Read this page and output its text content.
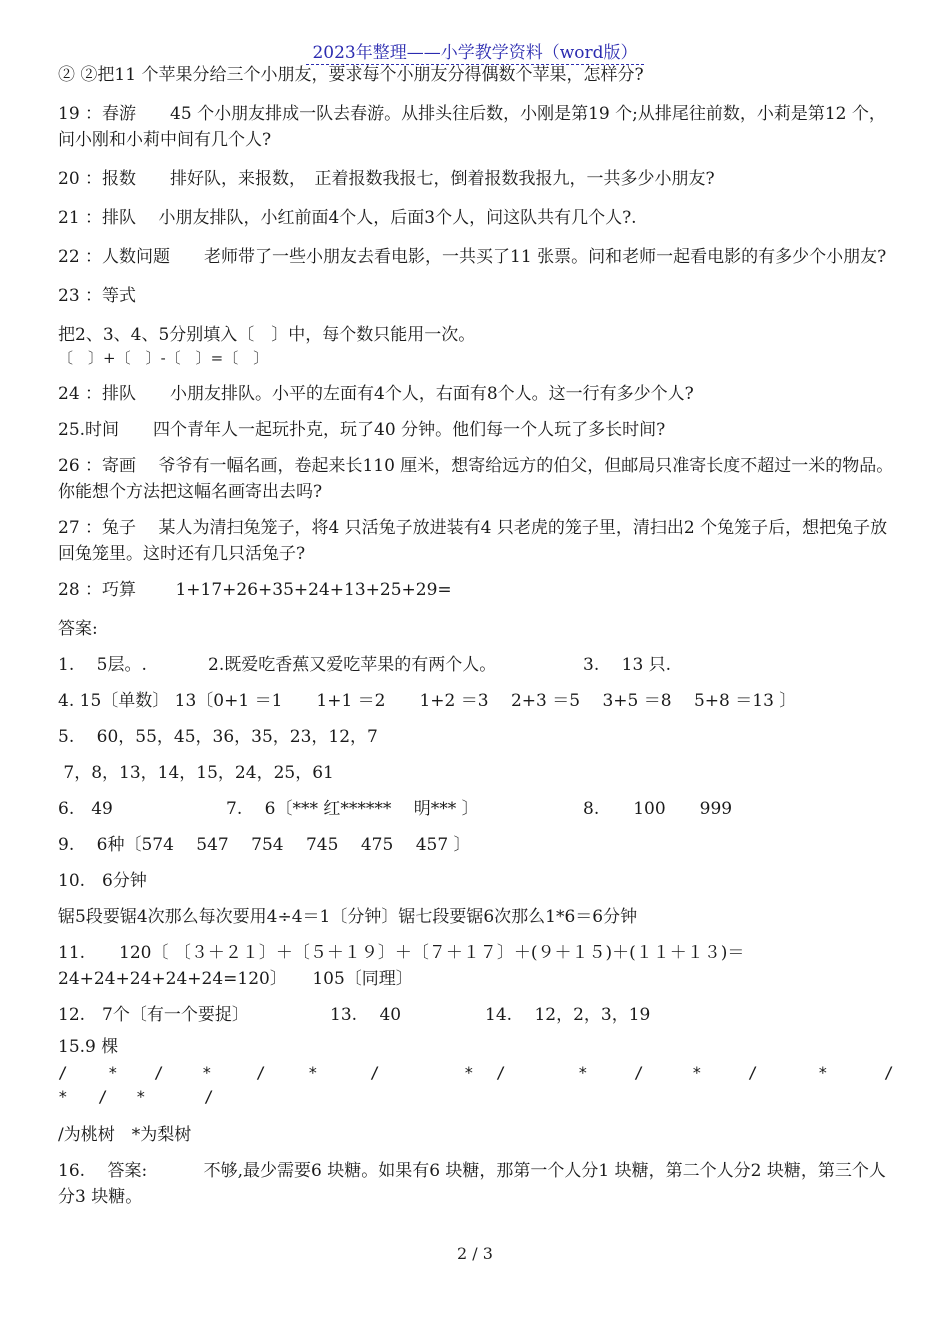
2023年整理——小学教学资料（word版）

② ②把11 个苹果分给三个小朋友，要求每个小朋友分得偶数个苹果，怎样分?

19 ：春游　　45 个小朋友排成一队去春游。从排头往后数，小刚是第19 个;从排尾往前数，小莉是第12 个，问小刚和小莉中间有几个人?

20 ：报数　　排好队，来报数，　正着报数我报七，倒着报数我报九，一共多少小朋友?

21 ：排队　 小朋友排队，小红前面4个人，后面3个人，问这队共有几个人?.

22 ：人数问题　　老师带了一些小朋友去看电影，一共买了11 张票。问和老师一起看电影的有多少个小朋友?

23 ：等式

把2、3、4、5分别填入〔　〕中，每个数只能用一次。

〔　〕+〔　〕-〔　〕=〔　〕

24 ：排队　　小朋友排队。小平的左面有4个人，右面有8个人。这一行有多少个人?

25.时间　　四个青年人一起玩扑克，玩了40 分钟。他们每一个人玩了多长时间?

26 ：寄画　 爷爷有一幅名画，卷起来长110 厘米，想寄给远方的伯父，但邮局只准寄长度不超过一米的物品。你能想个方法把这幅名画寄出去吗?

27 ：兔子　 某人为清扫兔笼子，将4 只活兔子放进装有4 只老虎的笼子里，清扫出2 个兔笼子后，想把兔子放回兔笼里。这时还有几只活兔子?

28 ：巧算　　 1+17+26+35+24+13+25+29=

答案:

1.　 5层。.	2.既爱吃香蕉又爱吃苹果的有两个人。	3.　 13 只.

4. 15〔单数〕 13〔0+1 ＝1　　1+1 ＝2　　1+2 ＝3　 2+3 ＝5　 3+5 ＝8　 5+8 ＝13 〕

5.　 60，55，45，36，35，23，12，7

7，8，13，14，15，24，25，61

6.　49	7.　 6〔*** 红****** 　明*** 〕	8.　　100　　999

9.　 6种〔574　 547　 754　 745　 475　 457 〕

10.　6分钟

锯5段要锯4次那么每次要用4÷4＝1〔分钟〕锯七段要锯6次那么1*6＝6分钟

11.　　120〔 〔３＋２１〕＋〔５＋１９〕＋〔７＋１７〕＋(９＋１５)＋(１１＋１３)＝24+24+24+24+24=120〕　　105〔同理〕

12.　7个〔有一个要捉〕	13.　 40	14.　 12，2，3，19

15.9 棵

/	* / *	/	*	/	* /	*	/	*	/	*	/
* / *	/

/为桃树　*为梨树

16.　 答案:　　　 不够,最少需要6 块糖。如果有6 块糖，那第一个人分1 块糖，第二个人分2 块糖，第三个人分3 块糖。

2 / 3
